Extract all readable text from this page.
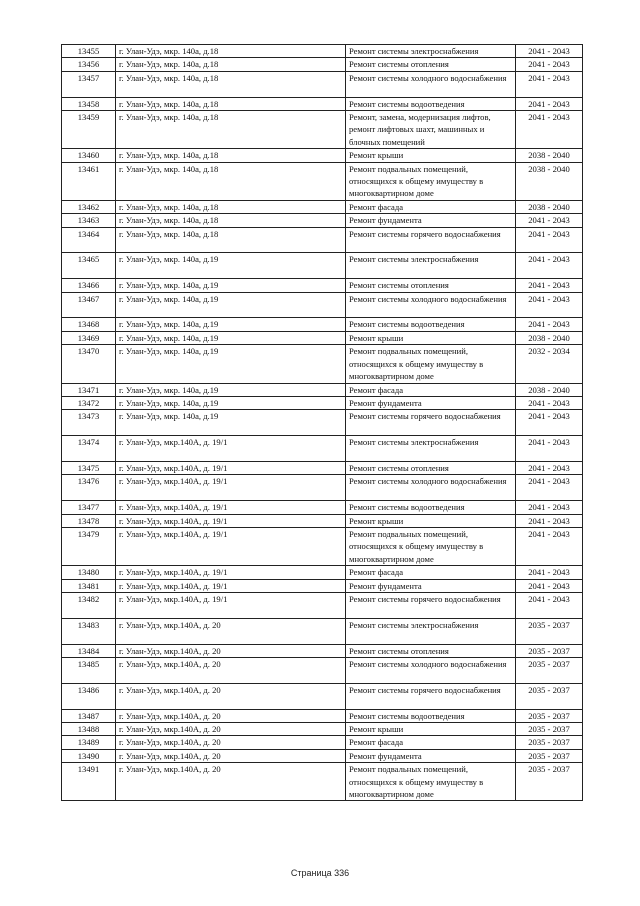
13455	г. Улан-Удэ, мкр. 140а, д.18	Ремонт системы электроснабжения	2041 - 2043
13456	г. Улан-Удэ, мкр. 140а, д.18	Ремонт системы отопления	2041 - 2043
13457	г. Улан-Удэ, мкр. 140а, д.18	Ремонт системы холодного водоснабжения	2041 - 2043
13458	г. Улан-Удэ, мкр. 140а, д.18	Ремонт системы водоотведения	2041 - 2043
13459	г. Улан-Удэ, мкр. 140а, д.18	Ремонт, замена, модернизация лифтов, ремонт лифтовых шахт, машинных и блочных помещений	2041 - 2043
13460	г. Улан-Удэ, мкр. 140а, д.18	Ремонт крыши	2038 - 2040
13461	г. Улан-Удэ, мкр. 140а, д.18	Ремонт подвальных помещений, относящихся к общему имуществу в многоквартирном доме	2038 - 2040
13462	г. Улан-Удэ, мкр. 140а, д.18	Ремонт фасада	2038 - 2040
13463	г. Улан-Удэ, мкр. 140а, д.18	Ремонт фундамента	2041 - 2043
13464	г. Улан-Удэ, мкр. 140а, д.18	Ремонт системы горячего водоснабжения	2041 - 2043
13465	г. Улан-Удэ, мкр. 140а, д.19	Ремонт системы электроснабжения	2041 - 2043
13466	г. Улан-Удэ, мкр. 140а, д.19	Ремонт системы отопления	2041 - 2043
13467	г. Улан-Удэ, мкр. 140а, д.19	Ремонт системы холодного водоснабжения	2041 - 2043
13468	г. Улан-Удэ, мкр. 140а, д.19	Ремонт системы водоотведения	2041 - 2043
13469	г. Улан-Удэ, мкр. 140а, д.19	Ремонт крыши	2038 - 2040
13470	г. Улан-Удэ, мкр. 140а, д.19	Ремонт подвальных помещений, относящихся к общему имуществу в многоквартирном доме	2032 - 2034
13471	г. Улан-Удэ, мкр. 140а, д.19	Ремонт фасада	2038 - 2040
13472	г. Улан-Удэ, мкр. 140а, д.19	Ремонт фундамента	2041 - 2043
13473	г. Улан-Удэ, мкр. 140а, д.19	Ремонт системы горячего водоснабжения	2041 - 2043
13474	г. Улан-Удэ, мкр.140А, д. 19/1	Ремонт системы электроснабжения	2041 - 2043
13475	г. Улан-Удэ, мкр.140А, д. 19/1	Ремонт системы отопления	2041 - 2043
13476	г. Улан-Удэ, мкр.140А, д. 19/1	Ремонт системы холодного водоснабжения	2041 - 2043
13477	г. Улан-Удэ, мкр.140А, д. 19/1	Ремонт системы водоотведения	2041 - 2043
13478	г. Улан-Удэ, мкр.140А, д. 19/1	Ремонт крыши	2041 - 2043
13479	г. Улан-Удэ, мкр.140А, д. 19/1	Ремонт подвальных помещений, относящихся к общему имуществу в многоквартирном доме	2041 - 2043
13480	г. Улан-Удэ, мкр.140А, д. 19/1	Ремонт фасада	2041 - 2043
13481	г. Улан-Удэ, мкр.140А, д. 19/1	Ремонт фундамента	2041 - 2043
13482	г. Улан-Удэ, мкр.140А, д. 19/1	Ремонт системы горячего водоснабжения	2041 - 2043
13483	г. Улан-Удэ, мкр.140А, д. 20	Ремонт системы электроснабжения	2035 - 2037
13484	г. Улан-Удэ, мкр.140А, д. 20	Ремонт системы отопления	2035 - 2037
13485	г. Улан-Удэ, мкр.140А, д. 20	Ремонт системы холодного водоснабжения	2035 - 2037
13486	г. Улан-Удэ, мкр.140А, д. 20	Ремонт системы горячего водоснабжения	2035 - 2037
13487	г. Улан-Удэ, мкр.140А, д. 20	Ремонт системы водоотведения	2035 - 2037
13488	г. Улан-Удэ, мкр.140А, д. 20	Ремонт крыши	2035 - 2037
13489	г. Улан-Удэ, мкр.140А, д. 20	Ремонт фасада	2035 - 2037
13490	г. Улан-Удэ, мкр.140А, д. 20	Ремонт фундамента	2035 - 2037
13491	г. Улан-Удэ, мкр.140А, д. 20	Ремонт подвальных помещений, относящихся к общему имуществу в многоквартирном доме	2035 - 2037
Страница 336
